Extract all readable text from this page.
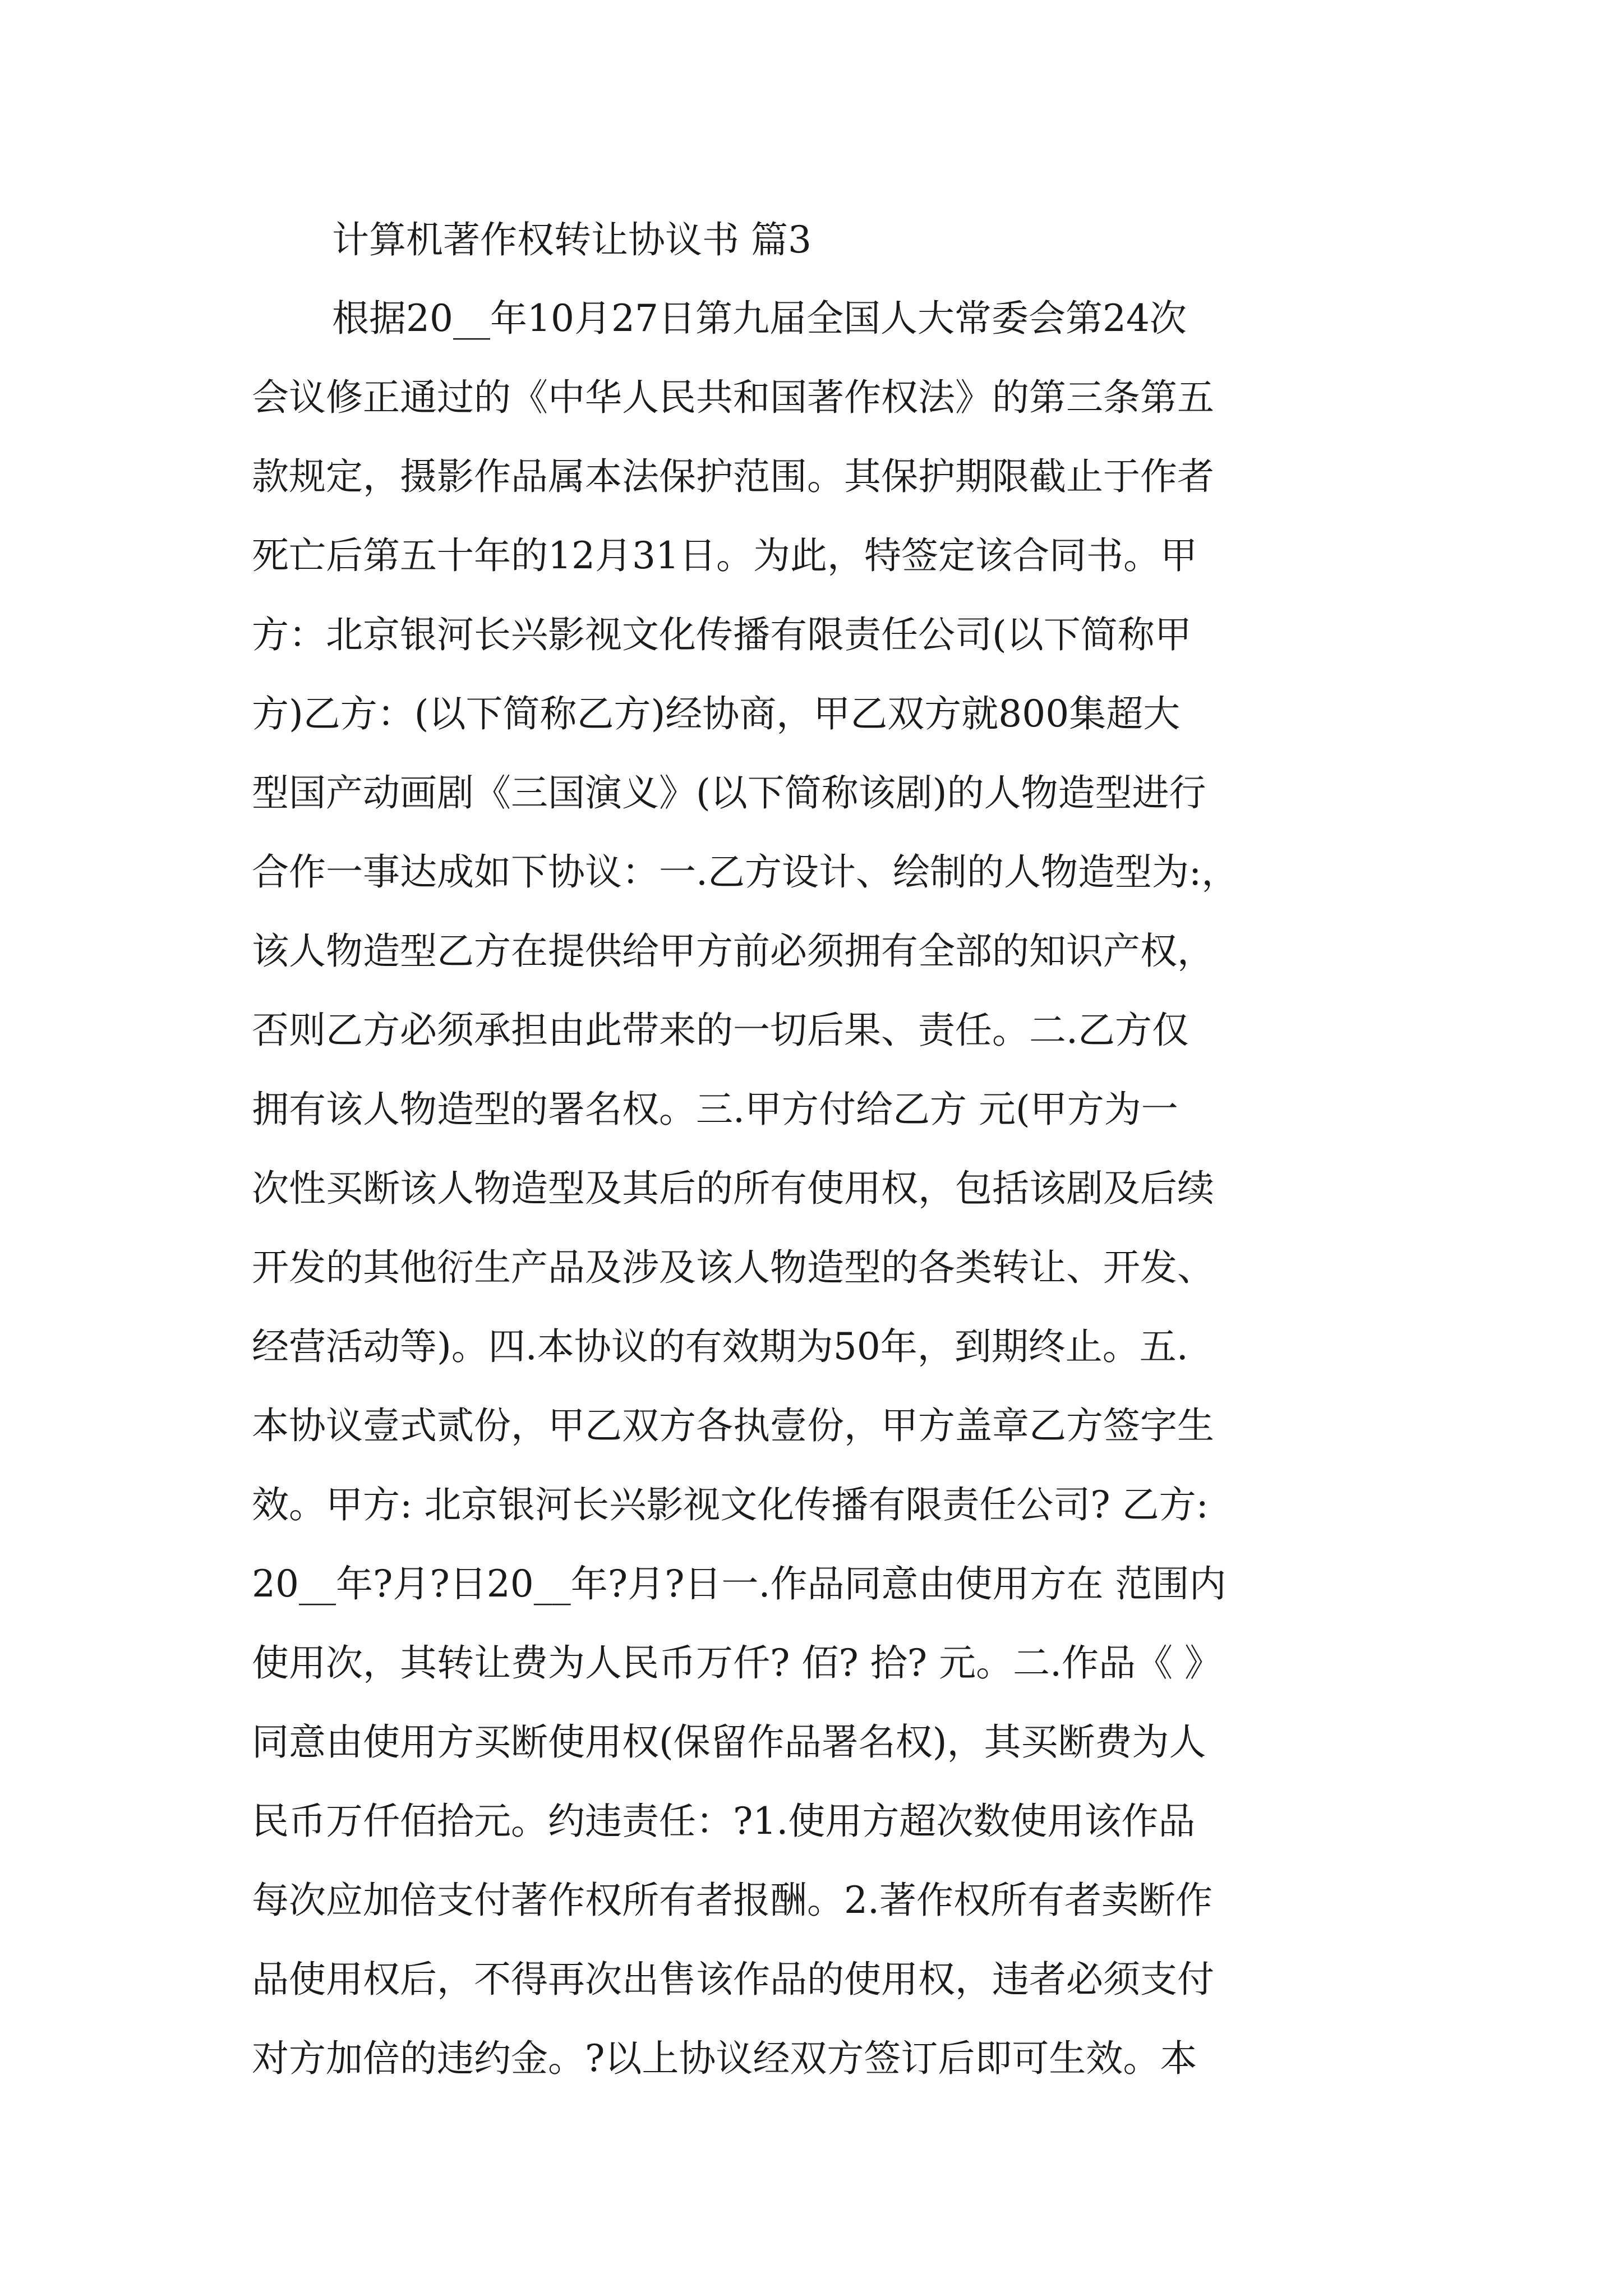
计算机著作权转让协议书 篇3
根据20__年10月27日第九届全国人大常委会第24次
会议修正通过的《中华人民共和国著作权法》的第三条第五
款规定，摄影作品属本法保护范围。其保护期限截止于作者
死亡后第五十年的12月31日。为此，特签定该合同书。甲
方：北京银河长兴影视文化传播有限责任公司(以下简称甲
方)乙方：(以下简称乙方)经协商，甲乙双方就800集超大
型国产动画剧《三国演义》(以下简称该剧)的人物造型进行
合作一事达成如下协议：一.乙方设计、绘制的人物造型为:，
该人物造型乙方在提供给甲方前必须拥有全部的知识产权，
否则乙方必须承担由此带来的一切后果、责任。二.乙方仅
拥有该人物造型的署名权。三.甲方付给乙方 元(甲方为一
次性买断该人物造型及其后的所有使用权，包括该剧及后续
开发的其他衍生产品及涉及该人物造型的各类转让、开发、
经营活动等)。四.本协议的有效期为50年，到期终止。五.
本协议壹式贰份，甲乙双方各执壹份，甲方盖章乙方签字生
效。甲方: 北京银河长兴影视文化传播有限责任公司? 乙方:
20__年?月?日20__年?月?日一.作品同意由使用方在 范围内
使用次，其转让费为人民币万仟? 佰? 拾? 元。二.作品《 》
同意由使用方买断使用权(保留作品署名权)，其买断费为人
民币万仟佰拾元。约违责任：?1.使用方超次数使用该作品
每次应加倍支付著作权所有者报酬。2.著作权所有者卖断作
品使用权后，不得再次出售该作品的使用权，违者必须支付
对方加倍的违约金。?以上协议经双方签订后即可生效。本
